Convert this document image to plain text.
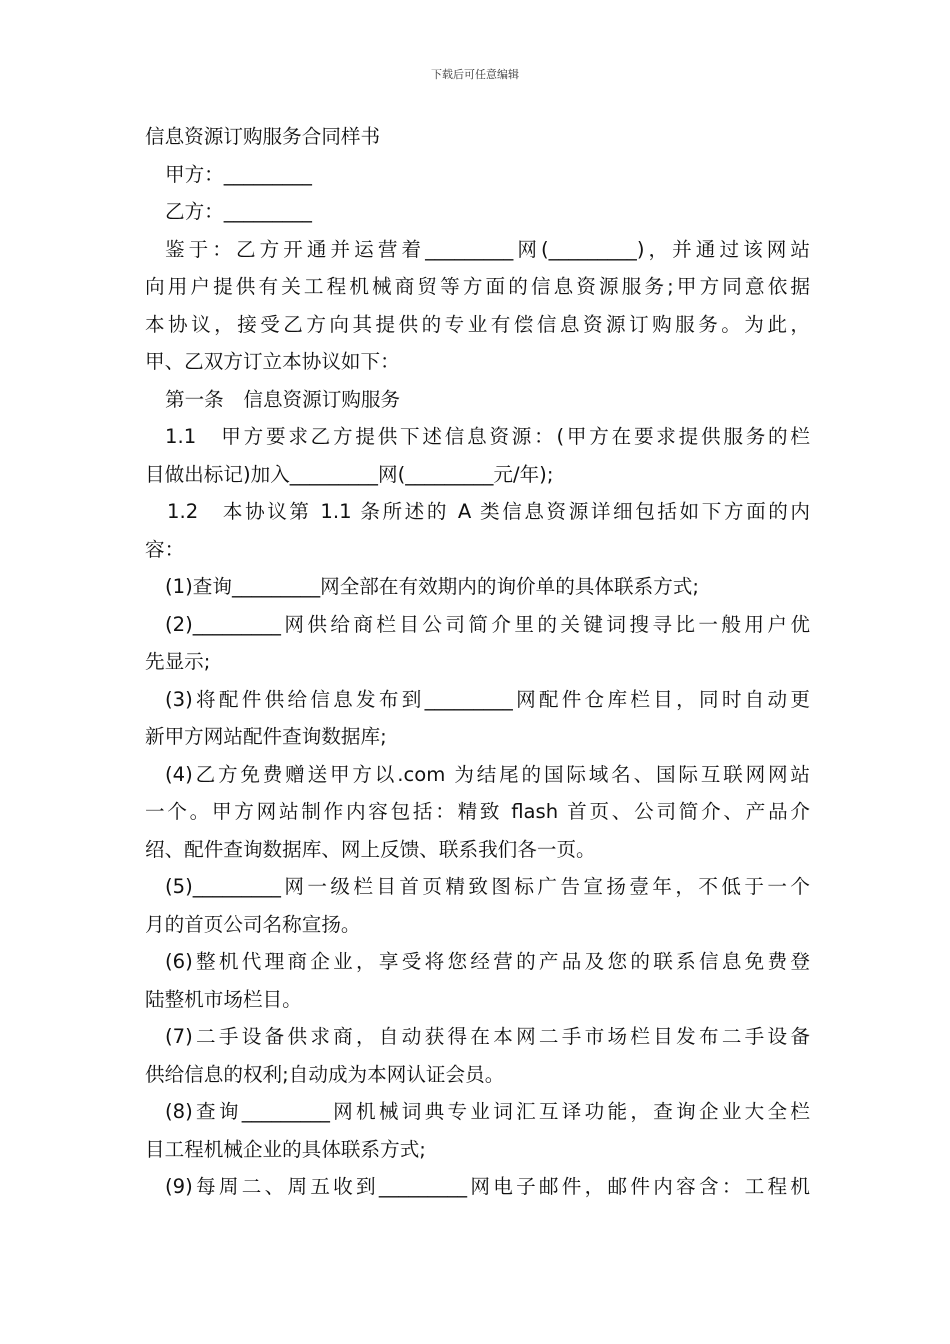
下载后可任意编辑
信息资源订购服务合同样书
甲方：_________
乙方：_________
鉴于：乙方开通并运营着_________网(_________)，并通过该网站
向用户提供有关工程机械商贸等方面的信息资源服务;甲方同意依据
本协议，接受乙方向其提供的专业有偿信息资源订购服务。为此，
甲、乙双方订立本协议如下：
第一条　信息资源订购服务
1.1　甲方要求乙方提供下述信息资源：(甲方在要求提供服务的栏
目做出标记)加入_________网(_________元/年);
1.2　本协议第 1.1 条所述的 A 类信息资源详细包括如下方面的内
容：
(1)查询_________网全部在有效期内的询价单的具体联系方式;
(2)_________网供给商栏目公司简介里的关键词搜寻比一般用户优
先显示;
(3)将配件供给信息发布到_________网配件仓库栏目，同时自动更
新甲方网站配件查询数据库;
(4)乙方免费赠送甲方以.com 为结尾的国际域名、国际互联网网站
一个。甲方网站制作内容包括：精致 flash 首页、公司简介、产品介
绍、配件查询数据库、网上反馈、联系我们各一页。
(5)_________网一级栏目首页精致图标广告宣扬壹年，不低于一个
月的首页公司名称宣扬。
(6)整机代理商企业，享受将您经营的产品及您的联系信息免费登
陆整机市场栏目。
(7)二手设备供求商，自动获得在本网二手市场栏目发布二手设备
供给信息的权利;自动成为本网认证会员。
(8)查询_________网机械词典专业词汇互译功能，查询企业大全栏
目工程机械企业的具体联系方式;
(9)每周二、周五收到_________网电子邮件，邮件内容含：工程机
